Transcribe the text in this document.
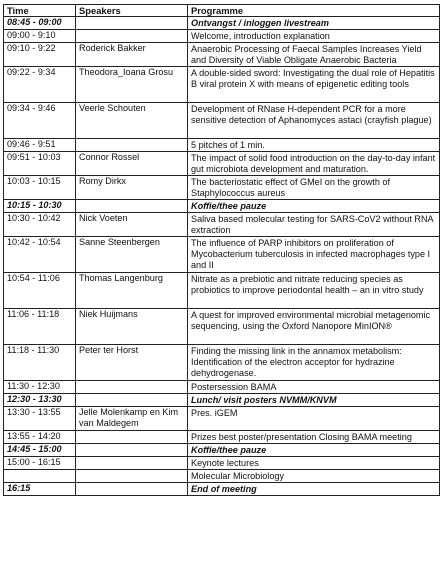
Time	Speakers	Programme
08:45 - 09:00		Ontvangst / inloggen livestream
09:00 - 9:10		Welcome, introduction explanation
09:10 - 9:22	Roderick Bakker	Anaerobic Processing of Faecal Samples Increases Yield and Diversity of Viable Obligate Anaerobic Bacteria
09:22 - 9:34	Theodora_Ioana Grosu	A double-sided sword: Investigating the dual role of Hepatitis B viral protein X with means of epigenetic editing tools
09:34 - 9:46	Veerle Schouten	Development of RNase H-dependent PCR for a more sensitive detection of Aphanomyces astaci (crayfish plague)
09:46 - 9:51		5 pitches of 1 min.
09:51 - 10:03	Connor Rossel	The impact of solid food introduction on the day-to-day infant gut microbiota development and maturation.
10:03 - 10:15	Romy Dirkx	The bacteriostatic effect of GMeI on the growth of Staphylococcus aureus
10:15 - 10:30		Koffie/thee pauze
10:30 - 10:42	Nick Voeten	Saliva based molecular testing for SARS-CoV2 without RNA extraction
10:42 - 10:54	Sanne Steenbergen	The influence of PARP inhibitors on proliferation of Mycobacterium tuberculosis in infected macrophages type I and II
10:54 - 11:06	Thomas Langenburg	Nitrate as a prebiotic and nitrate reducing species as probiotics to improve periodontal health – an in vitro study
11:06 - 11:18	Niek Huijmans	A quest for improved environmental microbial metagenomic sequencing, using the Oxford Nanopore MinION®
11:18 - 11:30	Peter ter Horst	Finding the missing link in the annamox metabolism: Identification of the electron acceptor for hydrazine dehydrogenase.
11:30 - 12:30		Postersession BAMA
12:30 - 13:30		Lunch/ visit posters NVMM/KNVM
13:30 - 13:55	Jelle Molenkamp en Kim van Maldegem	Pres. iGEM
13:55 - 14:20		Prizes best poster/presentation Closing BAMA meeting
14:45 - 15:00		Koffie/thee pauze
15:00 - 16:15		Keynote lectures
		Molecular Microbiology
16:15		End of meeting
